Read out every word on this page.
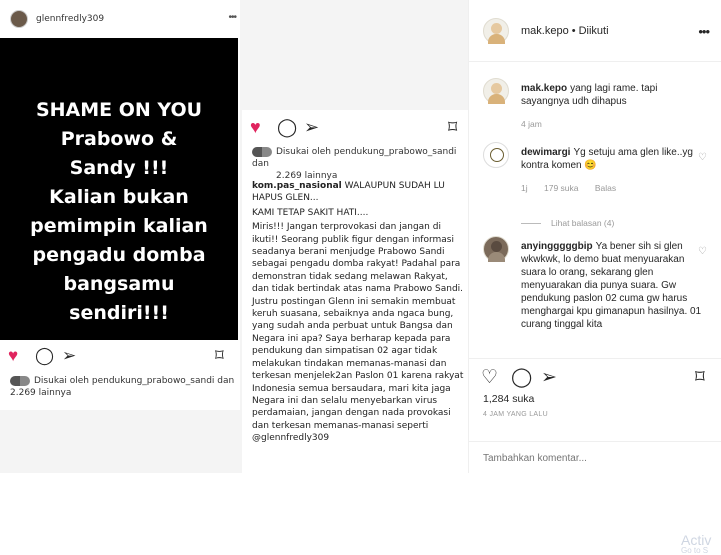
glennfredly309	•••
SHAME ON YOU
Prabowo &
Sandy !!!
Kalian bukan
pemimpin kalian
pengadu domba
bangsamu
sendiri!!!
♥ ◯ ➢	⌑
Disukai oleh pendukung_prabowo_sandi dan
2.269 lainnya
♥ ◯ ➢	⌑
Disukai oleh pendukung_prabowo_sandi dan
2.269 lainnya

kom.pas_nasional WALAUPUN SUDAH LU HAPUS GLEN...

KAMI TETAP SAKIT HATI....

Miris!!! Jangan terprovokasi dan jangan di ikuti!! Seorang publik figur dengan informasi seadanya berani menjudge Prabowo Sandi sebagai pengadu domba rakyat! Padahal para demonstran tidak sedang melawan Rakyat, dan tidak bertindak atas nama Prabowo Sandi.

Justru postingan Glenn ini semakin membuat keruh suasana, sebaiknya anda ngaca bung, yang sudah anda perbuat untuk Bangsa dan Negara ini apa? Saya berharap kepada para pendukung dan simpatisan 02 agar tidak melakukan tindakan memanas-manasi dan terkesan menjelek2an Paslon 01 karena rakyat Indonesia semua bersaudara, mari kita jaga Negara ini dan selalu menyebarkan virus perdamaian, jangan dengan nada provokasi dan terkesan memanas-manasi seperti @glennfredly309

mak.kepo • Diikuti	•••
mak.kepo yang lagi rame. tapi sayangnya udh dihapus
4 jam
dewimargi Yg setuju ama glen like..yg kontra komen 😊
1j 179 suka Balas
♡
Lihat balasan (4)
anyingggggbip Ya bener sih si glen wkwkwk, lo demo buat menyuarakan suara lo orang, sekarang glen menyuarakan dia punya suara. Gw pendukung paslon 02 cuma gw harus menghargai kpu gimanapun hasilnya. 01 curang tinggal kita
♡
♡ ◯ ➢	⌑
1,284 suka
4 JAM YANG LALU
Tambahkan komentar...
Activ
Go to S
